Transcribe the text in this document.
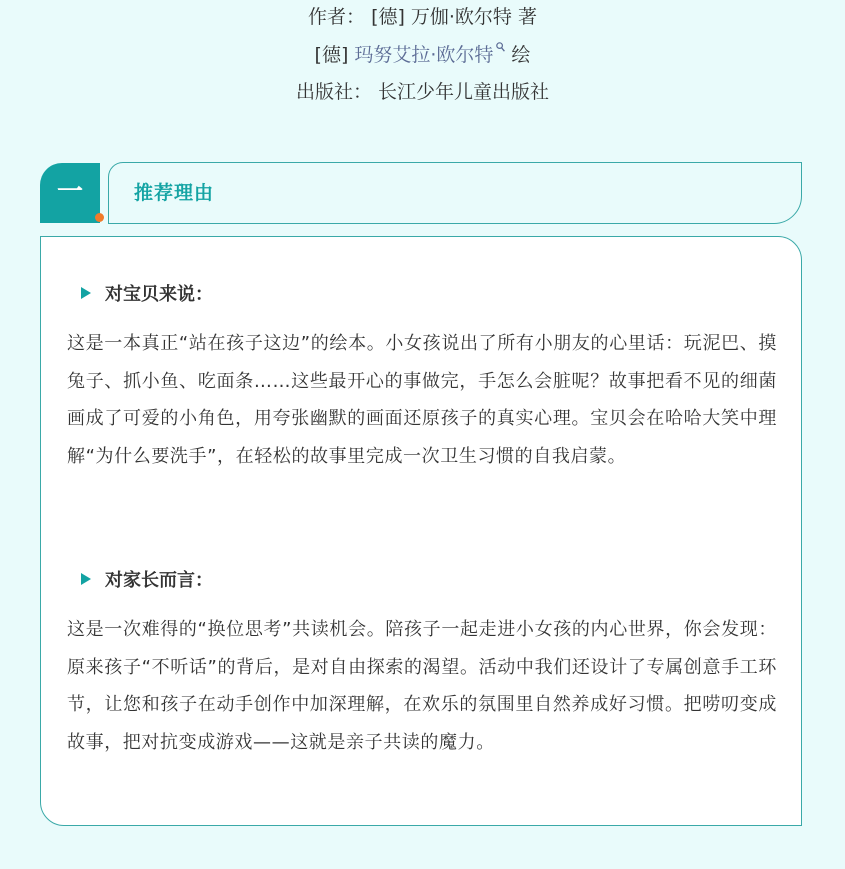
作者： [德] 万伽·欧尔特 著
[德] 玛努艾拉·欧尔特 绘
出版社： 长江少年儿童出版社
一	推荐理由
对宝贝来说：

这是一本真正“站在孩子这边”的绘本。小女孩说出了所有小朋友的心里话：玩泥巴、摸兔子、抓小鱼、吃面条……这些最开心的事做完，手怎么会脏呢？故事把看不见的细菌画成了可爱的小角色，用夸张幽默的画面还原孩子的真实心理。宝贝会在哈哈大笑中理解“为什么要洗手”，在轻松的故事里完成一次卫生习惯的自我启蒙。

对家长而言：

这是一次难得的“换位思考”共读机会。陪孩子一起走进小女孩的内心世界，你会发现：原来孩子“不听话”的背后，是对自由探索的渴望。活动中我们还设计了专属创意手工环节，让您和孩子在动手创作中加深理解，在欢乐的氛围里自然养成好习惯。把唠叨变成故事，把对抗变成游戏——这就是亲子共读的魔力。
